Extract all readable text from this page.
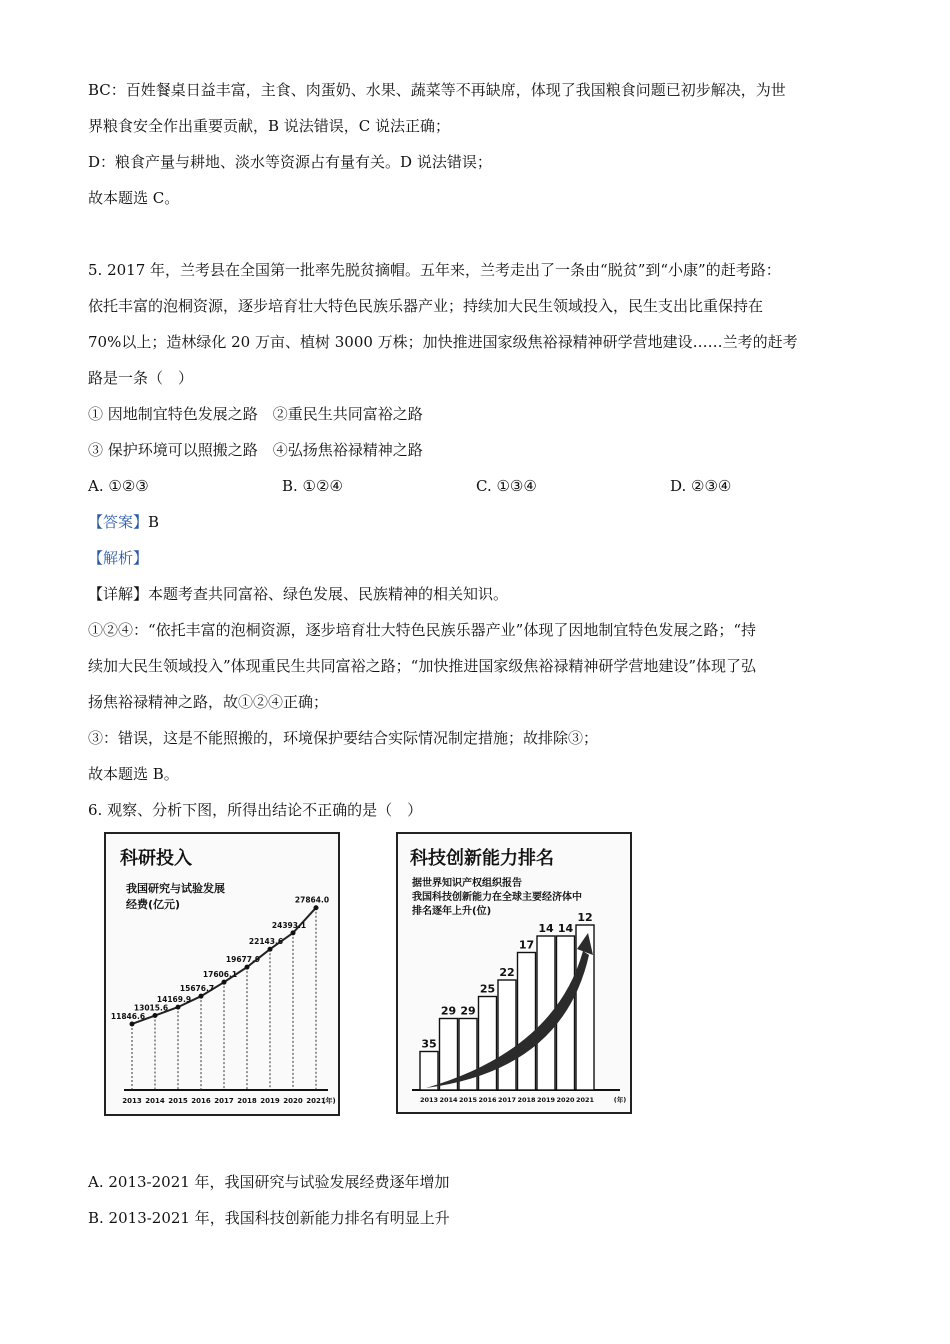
BC：百姓餐桌日益丰富，主食、肉蛋奶、水果、蔬菜等不再缺席，体现了我国粮食问题已初步解决，为世
界粮食安全作出重要贡献，B 说法错误，C 说法正确；
D：粮食产量与耕地、淡水等资源占有量有关。D 说法错误；
故本题选 C。
5. 2017 年，兰考县在全国第一批率先脱贫摘帽。五年来，兰考走出了一条由“脱贫”到“小康”的赶考路：
依托丰富的泡桐资源，逐步培育壮大特色民族乐器产业；持续加大民生领域投入，民生支出比重保持在
70%以上；造林绿化 20 万亩、植树 3000 万株；加快推进国家级焦裕禄精神研学营地建设……兰考的赶考
路是一条（　）
① 因地制宜特色发展之路　②重民生共同富裕之路
③ 保护环境可以照搬之路　④弘扬焦裕禄精神之路
A. ①②③	B. ①②④	C. ①③④	D. ②③④
【答案】B
【解析】
【详解】本题考查共同富裕、绿色发展、民族精神的相关知识。
①②④：“依托丰富的泡桐资源，逐步培育壮大特色民族乐器产业”体现了因地制宜特色发展之路；“持
续加大民生领域投入”体现重民生共同富裕之路；“加快推进国家级焦裕禄精神研学营地建设”体现了弘
扬焦裕禄精神之路，故①②④正确；
③：错误，这是不能照搬的，环境保护要结合实际情况制定措施；故排除③；
故本题选 B。
6. 观察、分析下图，所得出结论不正确的是（　）
科研投入
我国研究与试验发展
经费(亿元)
11846.6
2013
13015.6
2014
14169.9
2015
15676.7
2016
17606.1
2017
19677.9
2018
22143.6
2019
24393.1
2020
27864.0
2021
(年)
科技创新能力排名
据世界知识产权组织报告
我国科技创新能力在全球主要经济体中
排名逐年上升(位)
35
2013
29
2014
29
2015
25
2016
22
2017
17
2018
14
2019
14
2020
12
2021	(年)
A. 2013-2021 年，我国研究与试验发展经费逐年增加
B. 2013-2021 年，我国科技创新能力排名有明显上升
